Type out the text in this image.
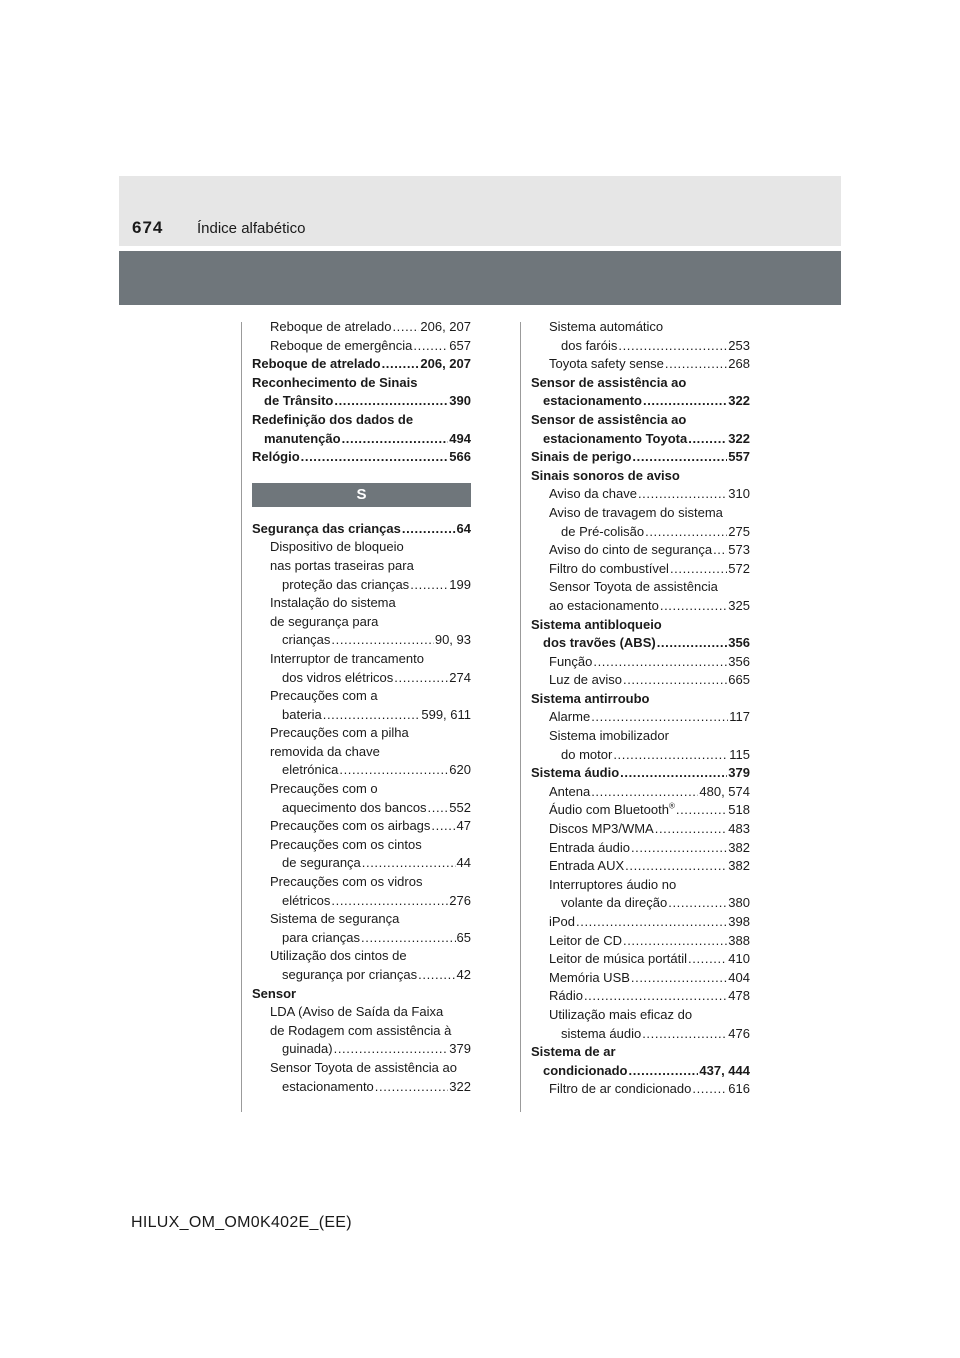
674 Índice alfabético
Reboque de atrelado ..... 206, 207
Reboque de emergência .....	657
Reboque de atrelado .....	206, 207
Reconhecimento de Sinais
de Trânsito .....	390
Redefinição dos dados de
manutenção .....	494
Relógio .....	566
S
Segurança das crianças .....	64
Dispositivo de bloqueio
nas portas traseiras para
proteção das crianças .....	199
Instalação do sistema
de segurança para
crianças .....	90, 93
Interruptor de trancamento
dos vidros elétricos .....	274
Precauções com a
bateria .....	599, 611
Precauções com a pilha
removida da chave
eletrónica .....	620
Precauções com o
aquecimento dos bancos ..... 552
Precauções com os airbags ..... 47
Precauções com os cintos
de segurança .....	44
Precauções com os vidros
elétricos .....	276
Sistema de segurança
para crianças .....	65
Utilização dos cintos de
segurança por crianças .....	42
Sensor
LDA (Aviso de Saída da Faixa
de Rodagem com assistência à
guinada) .....	379
Sensor Toyota de assistência ao
estacionamento .....	322
Sistema automático
dos faróis .....	253
Toyota safety sense .....	268
Sensor de assistência ao
estacionamento .....	322
Sensor de assistência ao
estacionamento Toyota .....	322
Sinais de perigo .....	557
Sinais sonoros de aviso
Aviso da chave .....	310
Aviso de travagem do sistema
de Pré-colisão .....	275
Aviso do cinto de segurança ..... 573
Filtro do combustível .....	572
Sensor Toyota de assistência
ao estacionamento .....	325
Sistema antibloqueio
dos travões (ABS) .....	356
Função .....	356
Luz de aviso .....	665
Sistema antirroubo
Alarme .....	117
Sistema imobilizador
do motor .....	115
Sistema áudio .....	379
Antena .....	480, 574
Áudio com Bluetooth® .....	518
Discos MP3/WMA .....	483
Entrada áudio .....	382
Entrada AUX .....	382
Interruptores áudio no
volante da direção .....	380
iPod .....	398
Leitor de CD .....	388
Leitor de música portátil .....	410
Memória USB .....	404
Rádio .....	478
Utilização mais eficaz do
sistema áudio .....	476
Sistema de ar
condicionado .....	437, 444
Filtro de ar condicionado .....	616
HILUX_OM_OM0K402E_(EE)
